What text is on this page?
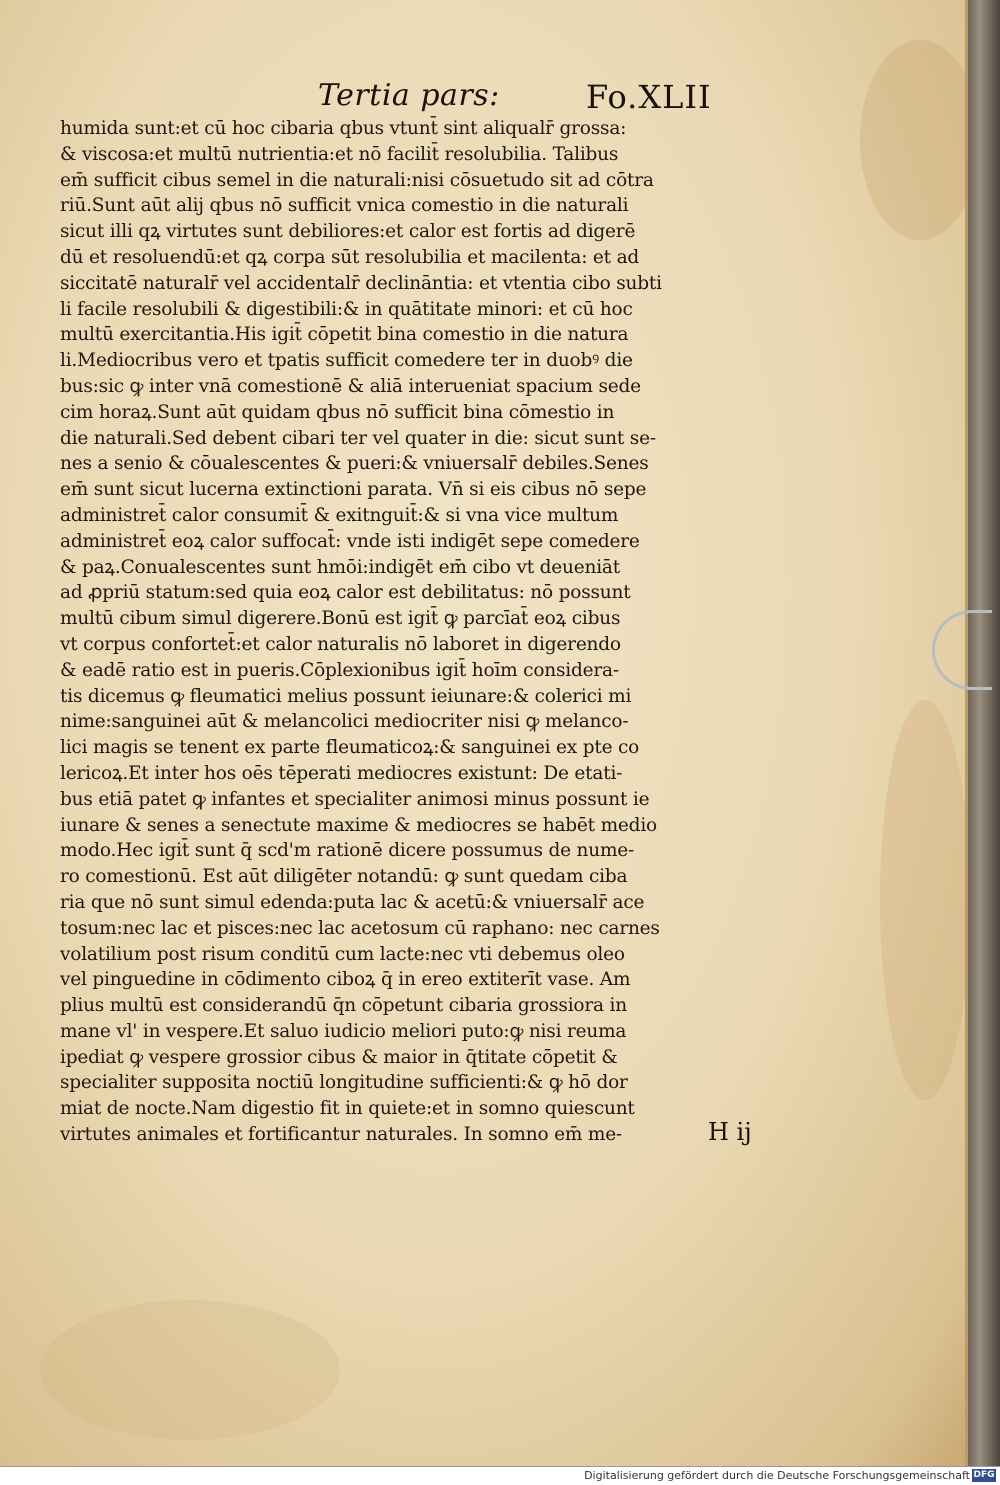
Tertia pars:	Fo.XLII
humida sunt:et cū hoc cibaria qbus vtunt̄ sint aliqualr̄ grossa:
& viscosa:et multū nutrientia:et nō facilit̄ resolubilia. Talibus
em̄ sufficit cibus semel in die naturali:nisi cōsuetudo sit ad cōtra
riū.Sunt aūt alij qbus nō sufficit vnica comestio in die naturali
sicut illi qꝝ virtutes sunt debiliores:et calor est fortis ad digerē
dū et resoluendū:et qꝝ corpa sūt resolubilia et macilenta: et ad
siccitatē naturalr̄ vel accidentalr̄ declināntia: et vtentia cibo subti
li facile resolubili & digestibili:& in quātitate minori: et cū hoc
multū exercitantia.His igit̄ cōpetit bina comestio in die natura
li.Mediocribus vero et tpatis sufficit comedere ter in duobꝰ die
bus:sic ꝙ inter vnā comestionē & aliā interueniat spacium sede
cim horaꝝ.Sunt aūt quidam qbus nō sufficit bina cōmestio in
die naturali.Sed debent cibari ter vel quater in die: sicut sunt se-
nes a senio & cōualescentes & pueri:& vniuersalr̄ debiles.Senes
em̄ sunt sicut lucerna extinctioni parata. Vn̄ si eis cibus nō sepe
administret̄ calor consumit̄ & exitnguit̄:& si vna vice multum
administret̄ eoꝝ calor suffocat̄: vnde isti indigēt sepe comedere
& paꝝ.Conualescentes sunt hmōi:indigēt em̄ cibo vt deueniāt
ad ꝓpriū statum:sed quia eoꝝ calor est debilitatus: nō possunt
multū cibum simul digerere.Bonū est igit̄ ꝙ parcīat̄ eoꝝ cibus
vt corpus confortet̄:et calor naturalis nō laboret in digerendo
& eadē ratio est in pueris.Cōplexionibus igit̄ hoīm considera-
tis dicemus ꝙ fleumatici melius possunt ieiunare:& colerici mi
nime:sanguinei aūt & melancolici mediocriter nisi ꝙ melanco-
lici magis se tenent ex parte fleumaticoꝝ:& sanguinei ex pte co
lericoꝝ.Et inter hos oēs tēperati mediocres existunt: De etati-
bus etiā patet ꝙ infantes et specialiter animosi minus possunt ie
iunare & senes a senectute maxime & mediocres se habēt medio
modo.Hec igit̄ sunt q̄ scd'm rationē dicere possumus de nume-
ro comestionū. Est aūt diligēter notandū: ꝙ sunt quedam ciba
ria que nō sunt simul edenda:puta lac & acetū:& vniuersalr̄ ace
tosum:nec lac et pisces:nec lac acetosum cū raphano: nec carnes
volatilium post risum conditū cum lacte:nec vti debemus oleo
vel pinguedine in cōdimento ciboꝝ q̄ in ereo extiterīt vase. Am
plius multū est considerandū q̄n cōpetunt cibaria grossiora in
mane vl' in vespere.Et saluo iudicio meliori puto:ꝙ nisi reuma
ipediat ꝙ vespere grossior cibus & maior in q̄titate cōpetit &
specialiter supposita noctiū longitudine sufficienti:& ꝙ hō dor
miat de nocte.Nam digestio fit in quiete:et in somno quiescunt
virtutes animales et fortificantur naturales. In somno em̄ me-	H ij
Digitalisierung gefördert durch die Deutsche Forschungsgemeinschaft DFG
